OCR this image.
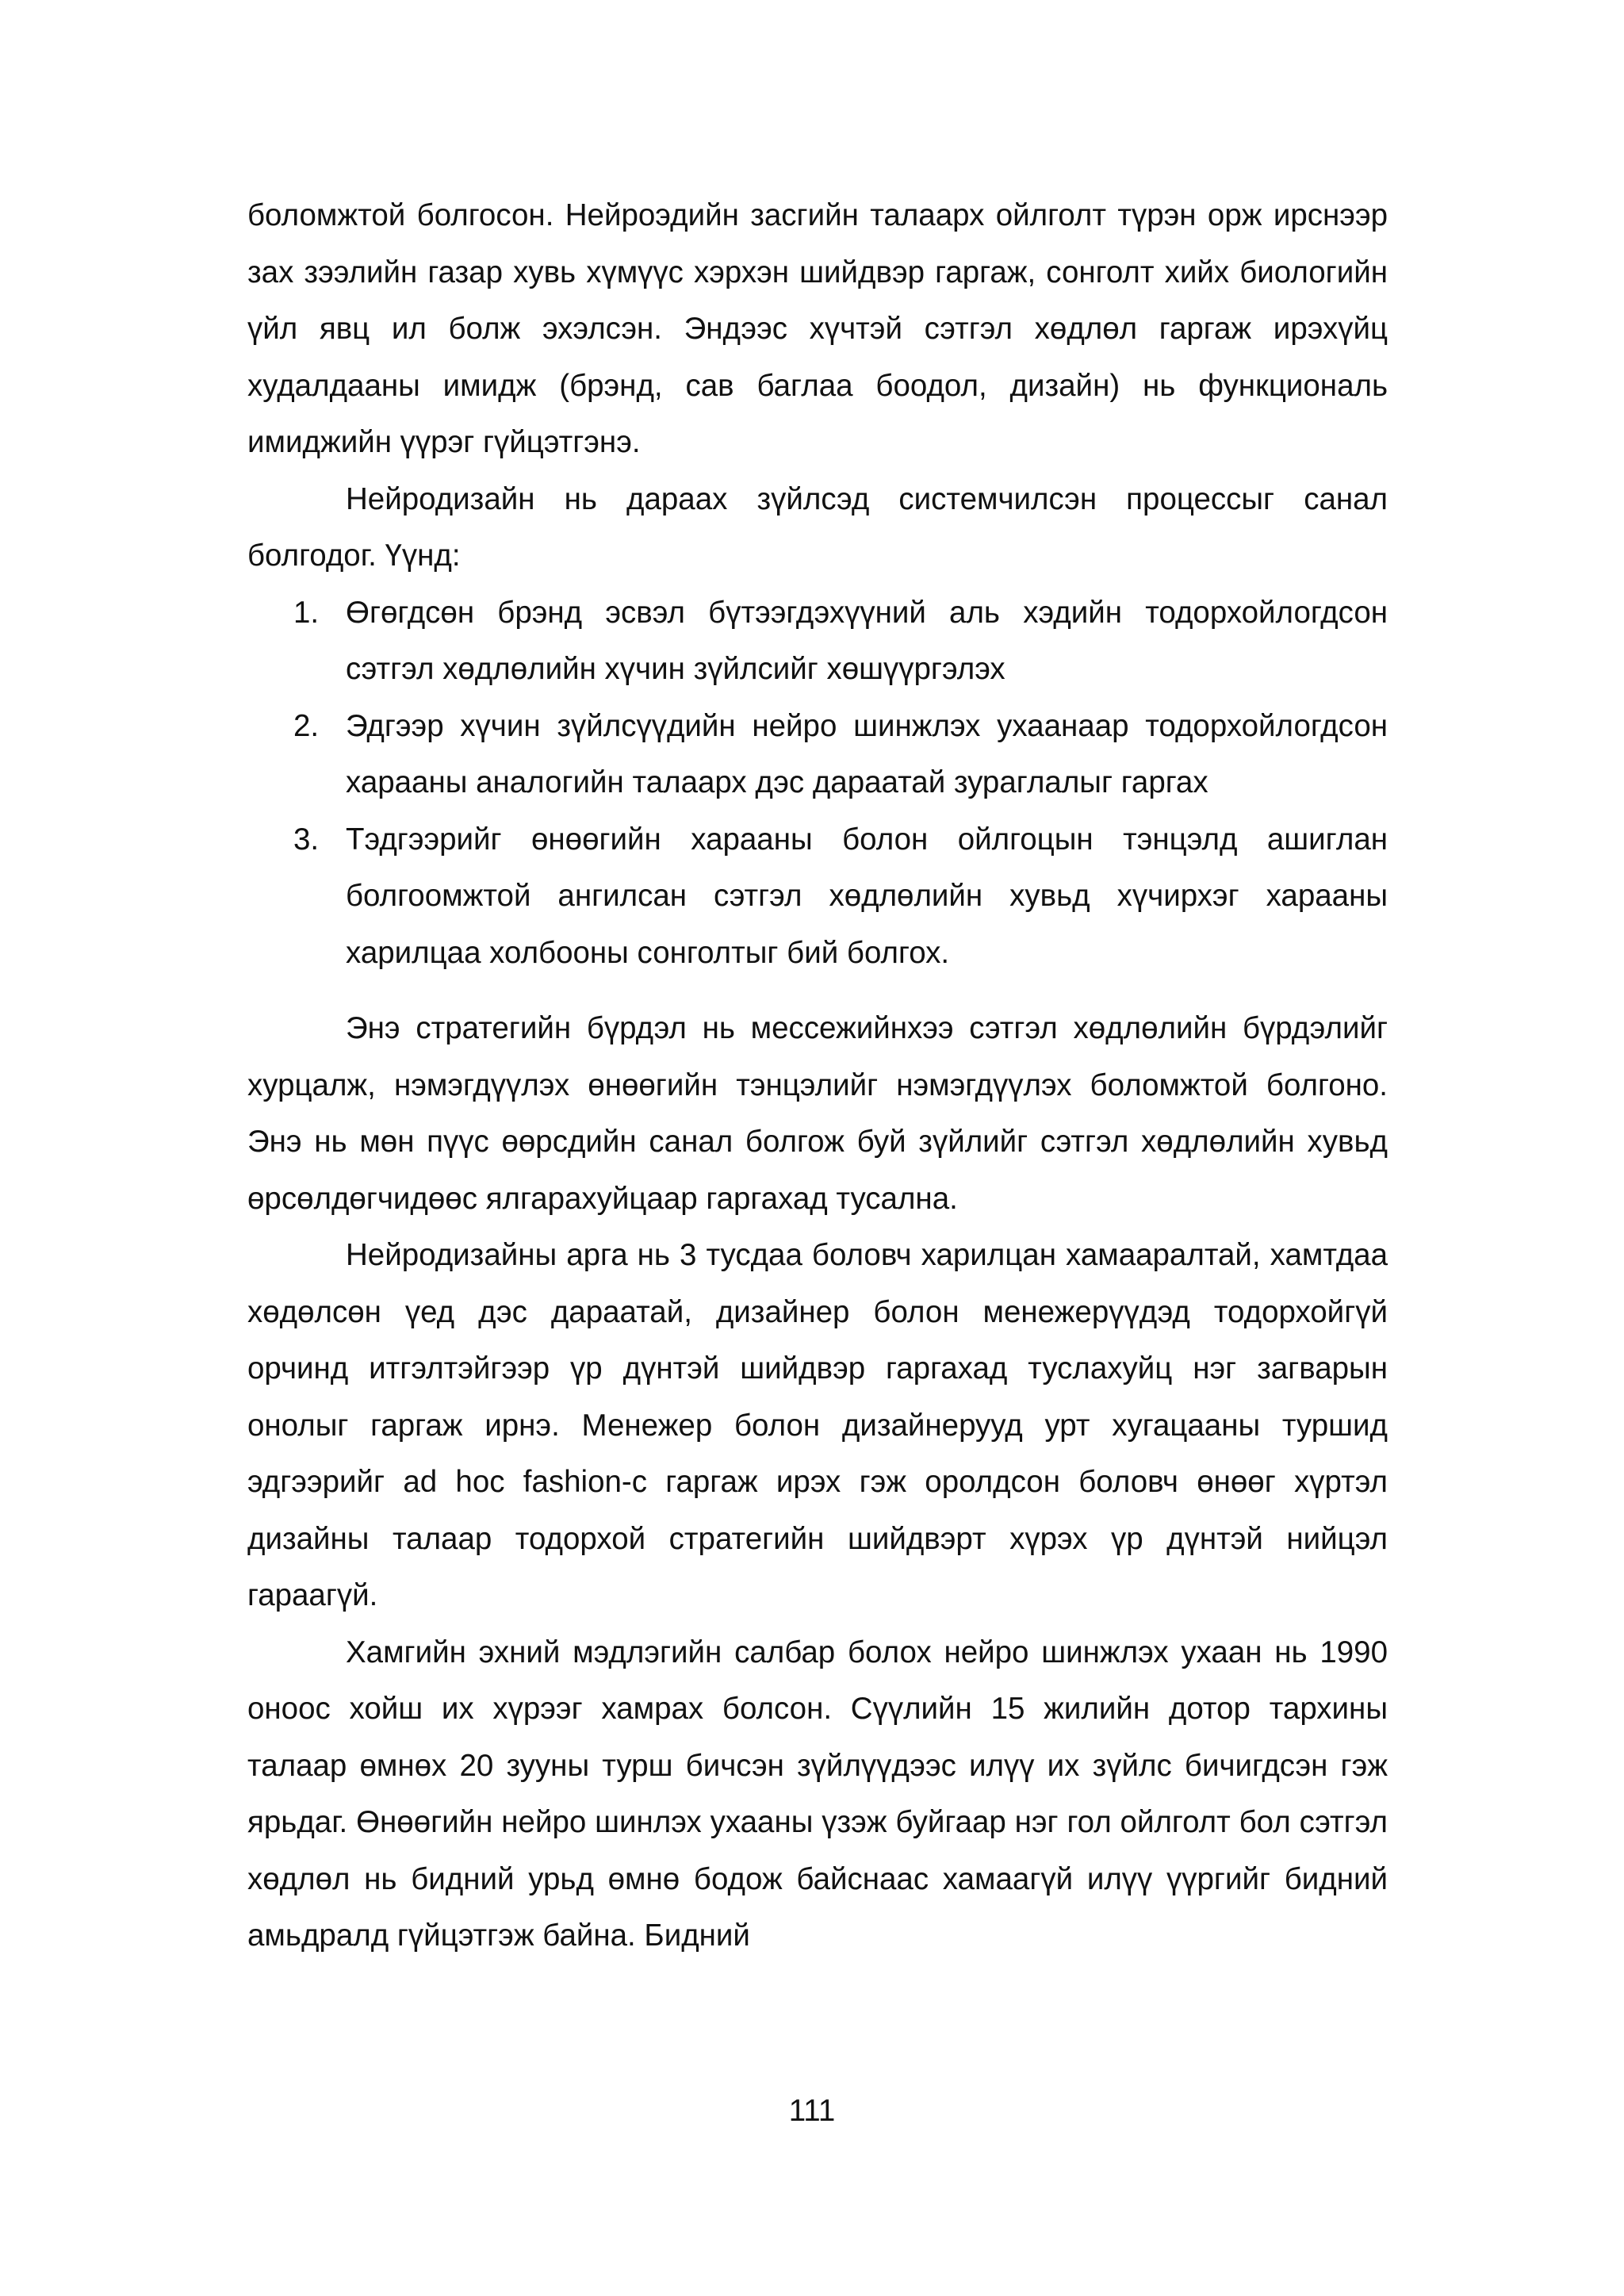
боломжтой болгосон. Нейроэдийн засгийн талаарх ойлголт түрэн орж ирснээр зах зээлийн газар хувь хүмүүс хэрхэн шийдвэр гаргаж, сонголт хийх биологийн үйл явц ил болж эхэлсэн. Эндээс хүчтэй сэтгэл хөдлөл гаргаж ирэхүйц худалдааны имидж (брэнд, сав баглаа боодол, дизайн) нь функциональ имиджийн үүрэг гүйцэтгэнэ.

Нейродизайн нь дараах зүйлсэд системчилсэн процессыг санал болгодог. Үүнд:

1. Өгөгдсөн брэнд эсвэл бүтээгдэхүүний аль хэдийн тодорхойлогдсон сэтгэл хөдлөлийн хүчин зүйлсийг хөшүүргэлэх
2. Эдгээр хүчин зүйлсүүдийн нейро шинжлэх ухаанаар тодорхойлогдсон хараaны аналогийн талаарх дэс дараатай зураглалыг гаргах
3. Тэдгээрийг өнөөгийн хараaны болон ойлгоцын тэнцэлд ашиглан болгоомжтой ангилсан сэтгэл хөдлөлийн хувьд хүчирхэг хараaны харилцаа холбооны сонголтыг бий болгох.

Энэ стратегийн бүрдэл нь мессежийнхээ сэтгэл хөдлөлийн бүрдэлийг хурцалж, нэмэгдүүлэх өнөөгийн тэнцэлийг нэмэгдүүлэх боломжтой болгоно. Энэ нь мөн пүүс өөрсдийн санал болгож буй зүйлийг сэтгэл хөдлөлийн хувьд өрсөлдөгчидөөс ялгарахуйцаар гаргахад тусална.

Нейродизайны арга нь 3 тусдаа боловч харилцан хамааралтай, хамтдаа хөдөлсөн үед дэс дараатай, дизайнер болон менежерүүдэд тодорхойгүй орчинд итгэлтэйгээр үр дүнтэй шийдвэр гаргахад туслахуйц нэг загварын онолыг гаргаж ирнэ. Менежер болон дизайнерууд урт хугацааны туршид эдгээрийг ad hoc fashion-с гаргаж ирэх гэж оролдсон боловч өнөөг хүртэл дизайны талаар тодорхой стратегийн шийдвэрт хүрэх үр дүнтэй нийцэл гараагүй.

Хамгийн эхний мэдлэгийн салбар болох нейро шинжлэх ухаан нь 1990 оноос хойш их хүрээг хамрах болсон. Сүүлийн 15 жилийн дотор тархины талаар өмнөх 20 зууны турш бичсэн зүйлүүдээс илүү их зүйлс бичигдсэн гэж ярьдаг. Өнөөгийн нейро шинлэх ухааны үзэж буйгаар нэг гол ойлголт бол сэтгэл хөдлөл нь бидний урьд өмнө бодож байснаас хамаагүй илүү үүргийг бидний амьдралд гүйцэтгэж байна. Бидний

111
